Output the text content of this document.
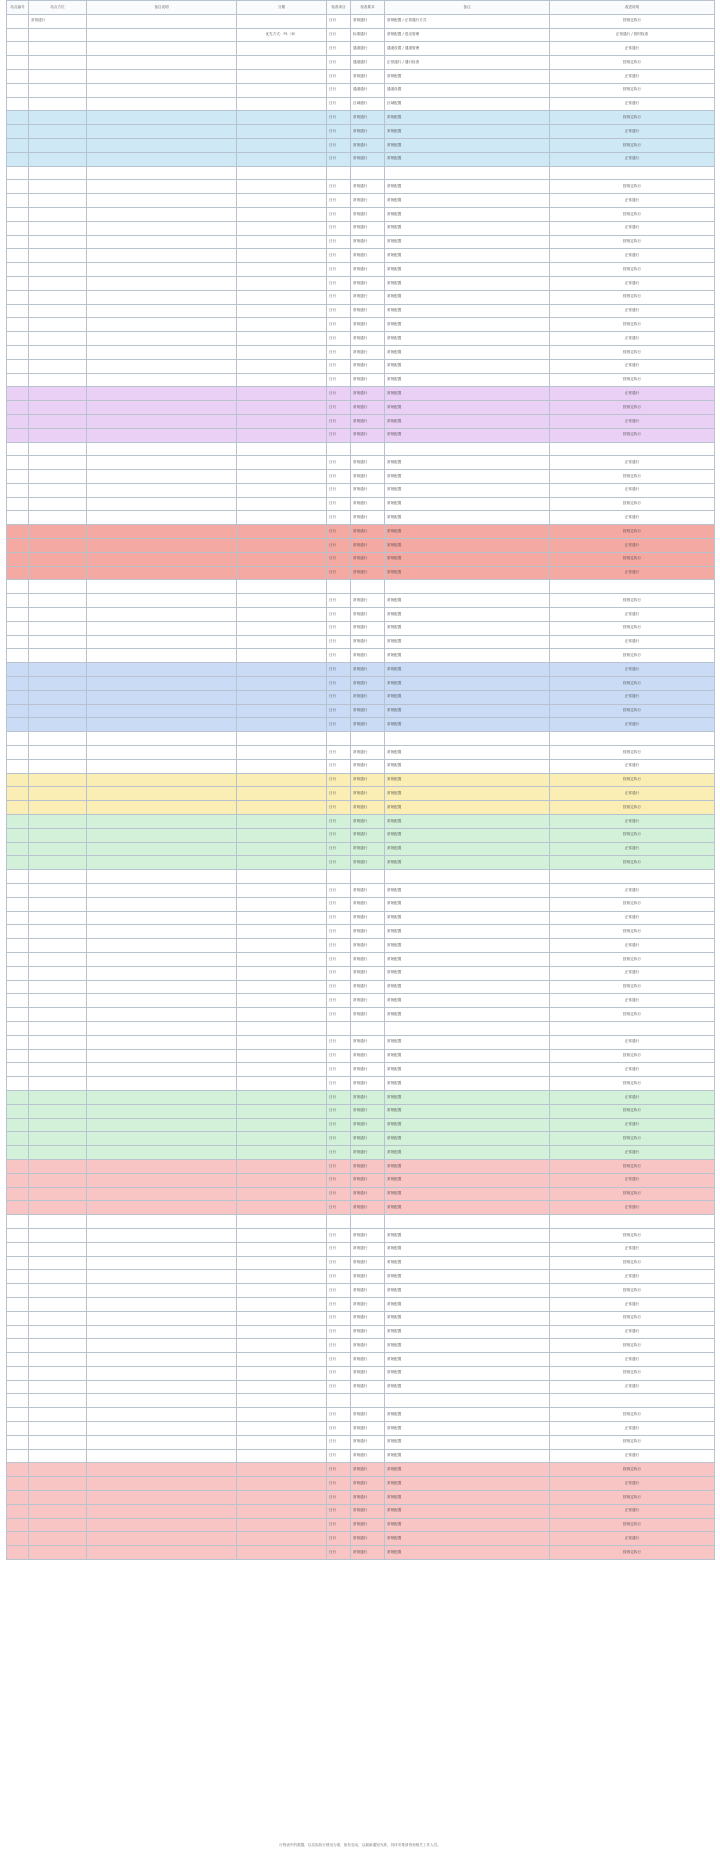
站点编号	站点方位	备注说明	分期	检查项目	检查要求	备注	改进说明
	常规通行			日行	常规通行	常规配置 / 正常通行方式	按规定执行
			优先方式：P1（8）	日行	标准通行	常规配置 / 进出管理	正常通行 / 按时检查
				日行	通道通行	通道设置 / 通道管理	正常通行
				日行	通道通行	正常通行 / 通行检查	按规定执行
				日行	常规通行	常规配置	正常通行
				日行	通道通行	通道设置	按规定执行
				日行	区域通行	区域配置	正常通行
				日行	常规通行	常规配置	按规定执行
				日行	常规通行	常规配置	正常通行
				日行	常规通行	常规配置	按规定执行
				日行	常规通行	常规配置	正常通行

				日行	常规通行	常规配置	按规定执行
				日行	常规通行	常规配置	正常通行
				日行	常规通行	常规配置	按规定执行
				日行	常规通行	常规配置	正常通行
				日行	常规通行	常规配置	按规定执行
				日行	常规通行	常规配置	正常通行
				日行	常规通行	常规配置	按规定执行
				日行	常规通行	常规配置	正常通行
				日行	常规通行	常规配置	按规定执行
				日行	常规通行	常规配置	正常通行
				日行	常规通行	常规配置	按规定执行
				日行	常规通行	常规配置	正常通行
				日行	常规通行	常规配置	按规定执行
				日行	常规通行	常规配置	正常通行
				日行	常规通行	常规配置	按规定执行
				日行	常规通行	常规配置	正常通行
				日行	常规通行	常规配置	按规定执行
				日行	常规通行	常规配置	正常通行
				日行	常规通行	常规配置	按规定执行

				日行	常规通行	常规配置	正常通行
				日行	常规通行	常规配置	按规定执行
				日行	常规通行	常规配置	正常通行
				日行	常规通行	常规配置	按规定执行
				日行	常规通行	常规配置	正常通行
				日行	常规通行	常规配置	按规定执行
				日行	常规通行	常规配置	正常通行
				日行	常规通行	常规配置	按规定执行
				日行	常规通行	常规配置	正常通行

				日行	常规通行	常规配置	按规定执行
				日行	常规通行	常规配置	正常通行
				日行	常规通行	常规配置	按规定执行
				日行	常规通行	常规配置	正常通行
				日行	常规通行	常规配置	按规定执行
				日行	常规通行	常规配置	正常通行
				日行	常规通行	常规配置	按规定执行
				日行	常规通行	常规配置	正常通行
				日行	常规通行	常规配置	按规定执行
				日行	常规通行	常规配置	正常通行

				日行	常规通行	常规配置	按规定执行
				日行	常规通行	常规配置	正常通行
				日行	常规通行	常规配置	按规定执行
				日行	常规通行	常规配置	正常通行
				日行	常规通行	常规配置	按规定执行
				日行	常规通行	常规配置	正常通行
				日行	常规通行	常规配置	按规定执行
				日行	常规通行	常规配置	正常通行
				日行	常规通行	常规配置	按规定执行

				日行	常规通行	常规配置	正常通行
				日行	常规通行	常规配置	按规定执行
				日行	常规通行	常规配置	正常通行
				日行	常规通行	常规配置	按规定执行
				日行	常规通行	常规配置	正常通行
				日行	常规通行	常规配置	按规定执行
				日行	常规通行	常规配置	正常通行
				日行	常规通行	常规配置	按规定执行
				日行	常规通行	常规配置	正常通行
				日行	常规通行	常规配置	按规定执行

				日行	常规通行	常规配置	正常通行
				日行	常规通行	常规配置	按规定执行
				日行	常规通行	常规配置	正常通行
				日行	常规通行	常规配置	按规定执行
				日行	常规通行	常规配置	正常通行
				日行	常规通行	常规配置	按规定执行
				日行	常规通行	常规配置	正常通行
				日行	常规通行	常规配置	按规定执行
				日行	常规通行	常规配置	正常通行
				日行	常规通行	常规配置	按规定执行
				日行	常规通行	常规配置	正常通行
				日行	常规通行	常规配置	按规定执行
				日行	常规通行	常规配置	正常通行

				日行	常规通行	常规配置	按规定执行
				日行	常规通行	常规配置	正常通行
				日行	常规通行	常规配置	按规定执行
				日行	常规通行	常规配置	正常通行
				日行	常规通行	常规配置	按规定执行
				日行	常规通行	常规配置	正常通行
				日行	常规通行	常规配置	按规定执行
				日行	常规通行	常规配置	正常通行
				日行	常规通行	常规配置	按规定执行
				日行	常规通行	常规配置	正常通行
				日行	常规通行	常规配置	按规定执行
				日行	常规通行	常规配置	正常通行

				日行	常规通行	常规配置	按规定执行
				日行	常规通行	常规配置	正常通行
				日行	常规通行	常规配置	按规定执行
				日行	常规通行	常规配置	正常通行
				日行	常规通行	常规配置	按规定执行
				日行	常规通行	常规配置	正常通行
				日行	常规通行	常规配置	按规定执行
				日行	常规通行	常规配置	正常通行
				日行	常规通行	常规配置	按规定执行
				日行	常规通行	常规配置	正常通行
				日行	常规通行	常规配置	按规定执行
行程表中的数据，以实际执行情况为准，如有变动，以最新通知为准，具体安排请咨询相关工作人员。
